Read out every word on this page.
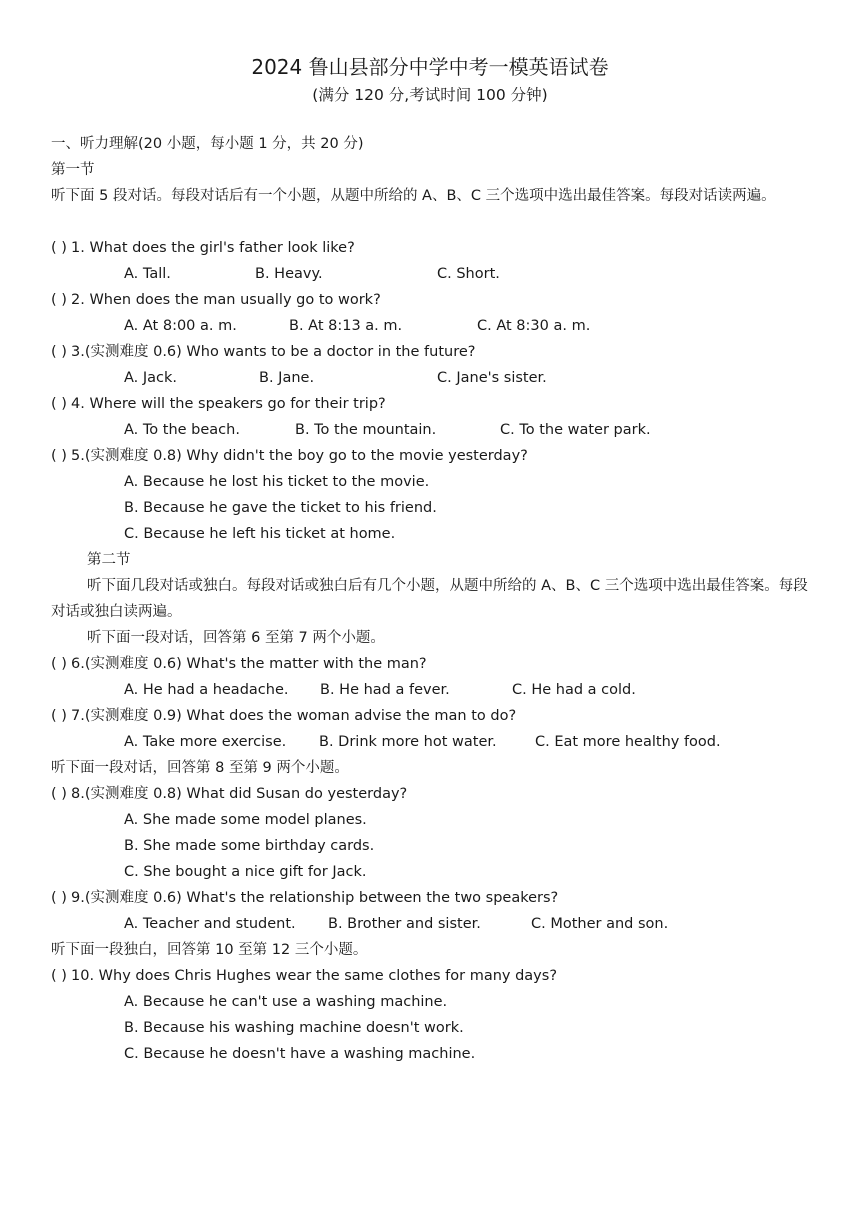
2024 鲁山县部分中学中考一模英语试卷
(满分 120 分,考试时间 100 分钟)
一、听力理解(20 小题，每小题 1 分，共 20 分)
第一节
听下面 5 段对话。每段对话后有一个小题，从题中所给的 A、B、C 三个选项中选出最佳答案。每段对话读两遍。
( ) 1. What does the girl's father look like?
A. Tall.	B. Heavy.	C. Short.
( ) 2. When does the man usually go to work?
A. At 8:00 a. m.	B. At 8:13 a. m.	C. At 8:30 a. m.
( ) 3.(实测难度 0.6) Who wants to be a doctor in the future?
A. Jack.	B. Jane.	C. Jane's sister.
( ) 4. Where will the speakers go for their trip?
A. To the beach.	B. To the mountain.	C. To the water park.
( ) 5.(实测难度 0.8) Why didn't the boy go to the movie yesterday?
A. Because he lost his ticket to the movie.
B. Because he gave the ticket to his friend.
C. Because he left his ticket at home.
第二节
听下面几段对话或独白。每段对话或独白后有几个小题，从题中所给的 A、B、C 三个选项中选出最佳答案。每段对话或独白读两遍。
听下面一段对话，回答第 6 至第 7 两个小题。
( ) 6.(实测难度 0.6) What's the matter with the man?
A. He had a headache. B. He had a fever.	C. He had a cold.
( ) 7.(实测难度 0.9) What does the woman advise the man to do?
A. Take more exercise. B. Drink more hot water.	C. Eat more healthy food.
听下面一段对话，回答第 8 至第 9 两个小题。
( ) 8.(实测难度 0.8) What did Susan do yesterday?
A. She made some model planes.
B. She made some birthday cards.
C. She bought a nice gift for Jack.
( ) 9.(实测难度 0.6) What's the relationship between the two speakers?
A. Teacher and student. B. Brother and sister.	C. Mother and son.
听下面一段独白，回答第 10 至第 12 三个小题。
( ) 10. Why does Chris Hughes wear the same clothes for many days?
A. Because he can't use a washing machine.
B. Because his washing machine doesn't work.
C. Because he doesn't have a washing machine.
